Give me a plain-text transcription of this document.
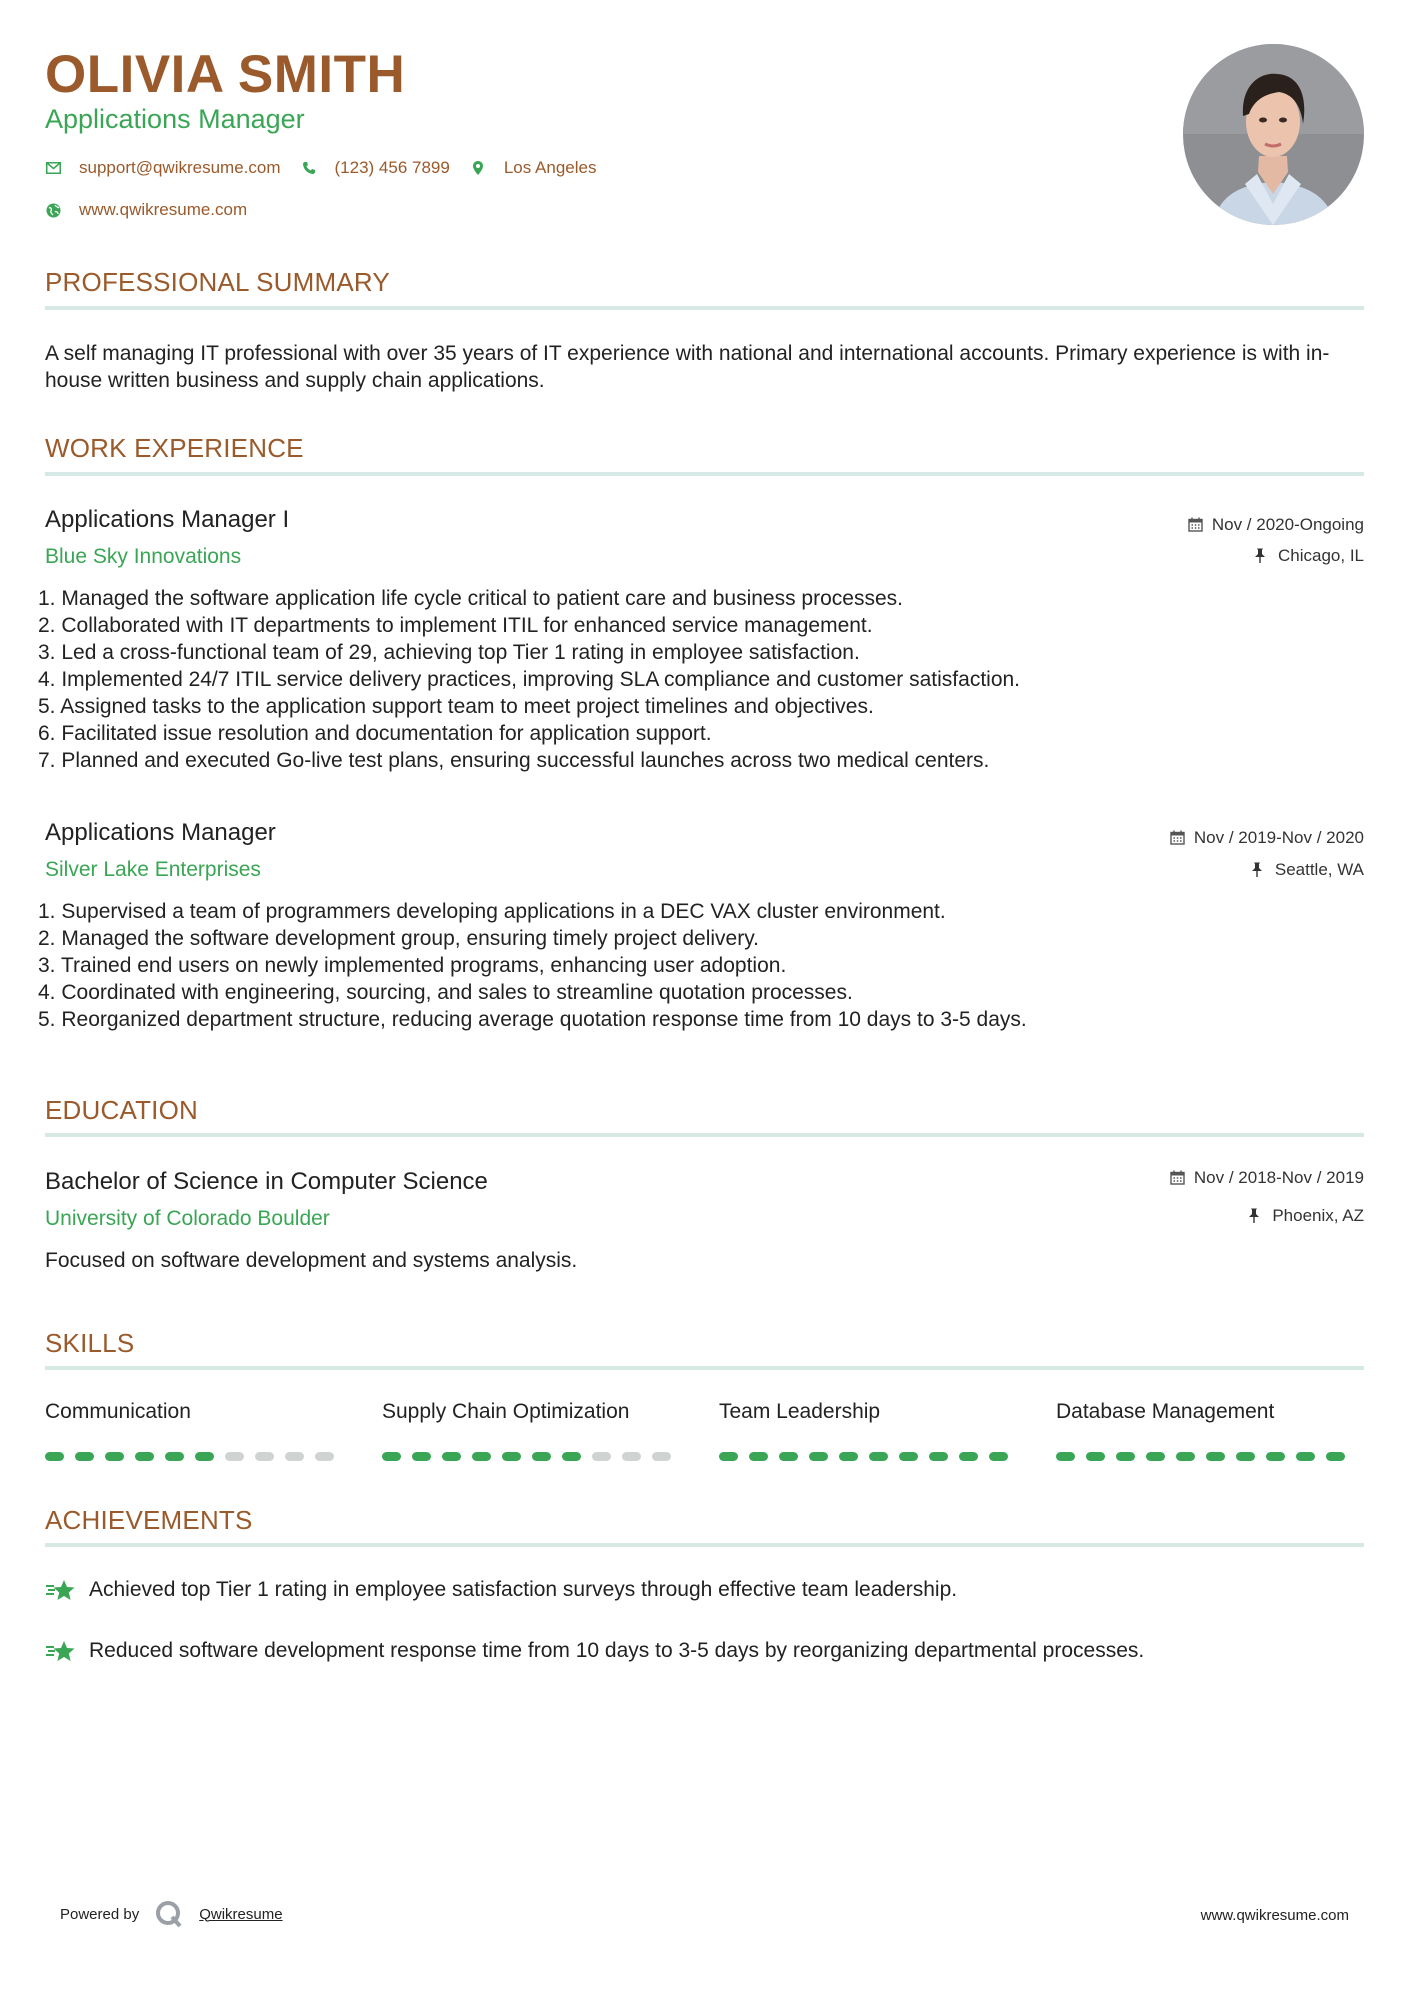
OLIVIA SMITH
Applications Manager
support@qwikresume.com	(123) 456 7899	Los Angeles
www.qwikresume.com
PROFESSIONAL SUMMARY
A self managing IT professional with over 35 years of IT experience with national and international accounts. Primary experience is with in-house written business and supply chain applications.
WORK EXPERIENCE
Applications Manager I
Blue Sky Innovations
Nov / 2020-Ongoing
Chicago, IL
1. Managed the software application life cycle critical to patient care and business processes.
2. Collaborated with IT departments to implement ITIL for enhanced service management.
3. Led a cross-functional team of 29, achieving top Tier 1 rating in employee satisfaction.
4. Implemented 24/7 ITIL service delivery practices, improving SLA compliance and customer satisfaction.
5. Assigned tasks to the application support team to meet project timelines and objectives.
6. Facilitated issue resolution and documentation for application support.
7. Planned and executed Go-live test plans, ensuring successful launches across two medical centers.
Applications Manager
Silver Lake Enterprises
Nov / 2019-Nov / 2020
Seattle, WA
1. Supervised a team of programmers developing applications in a DEC VAX cluster environment.
2. Managed the software development group, ensuring timely project delivery.
3. Trained end users on newly implemented programs, enhancing user adoption.
4. Coordinated with engineering, sourcing, and sales to streamline quotation processes.
5. Reorganized department structure, reducing average quotation response time from 10 days to 3-5 days.
EDUCATION
Bachelor of Science in Computer Science
University of Colorado Boulder
Nov / 2018-Nov / 2019
Phoenix, AZ
Focused on software development and systems analysis.
SKILLS
Communication	Supply Chain Optimization	Team Leadership	Database Management
ACHIEVEMENTS
Achieved top Tier 1 rating in employee satisfaction surveys through effective team leadership.
Reduced software development response time from 10 days to 3-5 days by reorganizing departmental processes.
Powered by	Qwikresume	www.qwikresume.com
